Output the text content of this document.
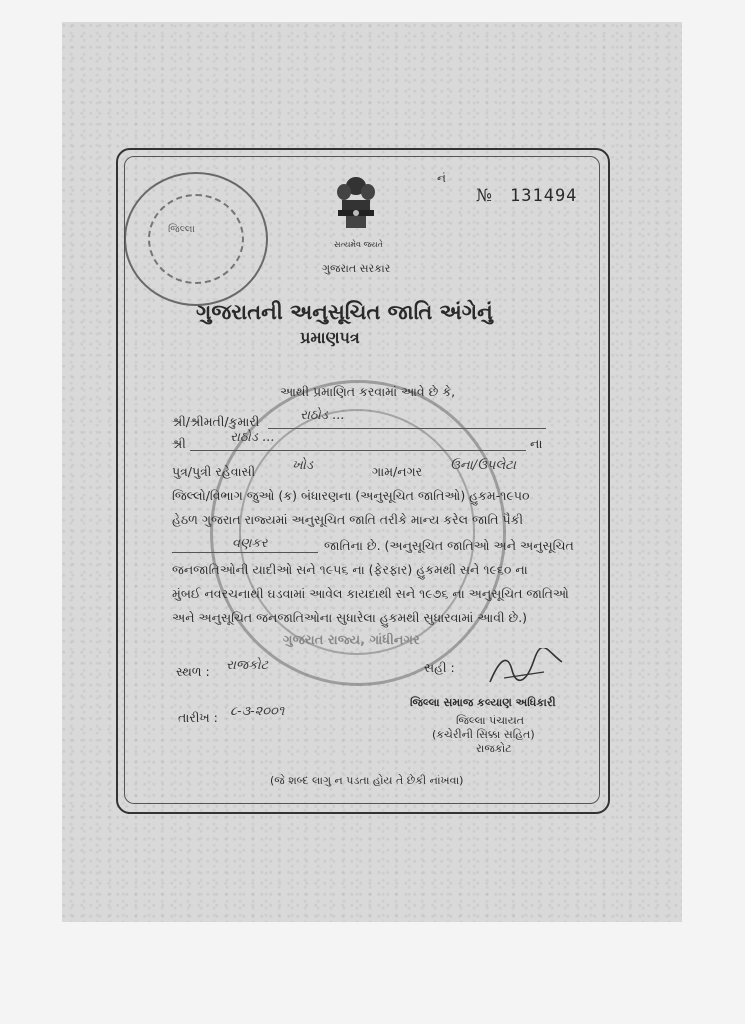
જિલ્લા
ગુજરાત રાજ્ય, ગાંધીનગર
નં
№ 131494
સત્યમેવ જયતે
ગુજરાત સરકાર
ગુજરાતની અનુસૂચિત જાતિ અંગેનું
પ્રમાણપત્ર
આથી પ્રમાણિત કરવામાં આવે છે કે,
શ્રી/શ્રીમતી/કુમારી	રાઠોડ ...
શ્રી	રાઠોડ ...	ના
પુત્ર/પુત્રી રહેવાસી	ખોડ	ગામ/નગર ઉના/ઉપલેટા
જિલ્લો/વિભાગ જુઓ (ક) બંધારણના (અનુસૂચિત જાતિઓ) હુકમ-૧૯૫૦
હેઠળ ગુજરાત રાજ્યમાં અનુસૂચિત જાતિ તરીકે માન્ય કરેલ જાતિ પૈકી
વણકર	જાતિના છે. (અનુસૂચિત જાતિઓ અને અનુસૂચિત
જનજાતિઓની યાદીઓ સને ૧૯૫૬ ના (ફેરફાર) હુકમથી સને ૧૯૬૦ ના
મુંબઈ નવરચનાથી ઘડવામાં આવેલ કાયદાથી સને ૧૯૭૬ ના અનુસૂચિત જાતિઓ
અને અનુસૂચિત જનજાતિઓના સુધારેલા હુકમથી સુધારવામાં આવી છે.)
સ્થળ : રાજકોટ	સહી :
તારીખ : ૮-૩-૨૦૦૧
જિલ્લા સમાજ કલ્યાણ અધિકારી
જિલ્લા પંચાયત
(કચેરીની સિક્કા સહિત)
રાજકોટ
(જે શબ્દ લાગુ ન પડતા હોય તે છેકી નાંખવા)
